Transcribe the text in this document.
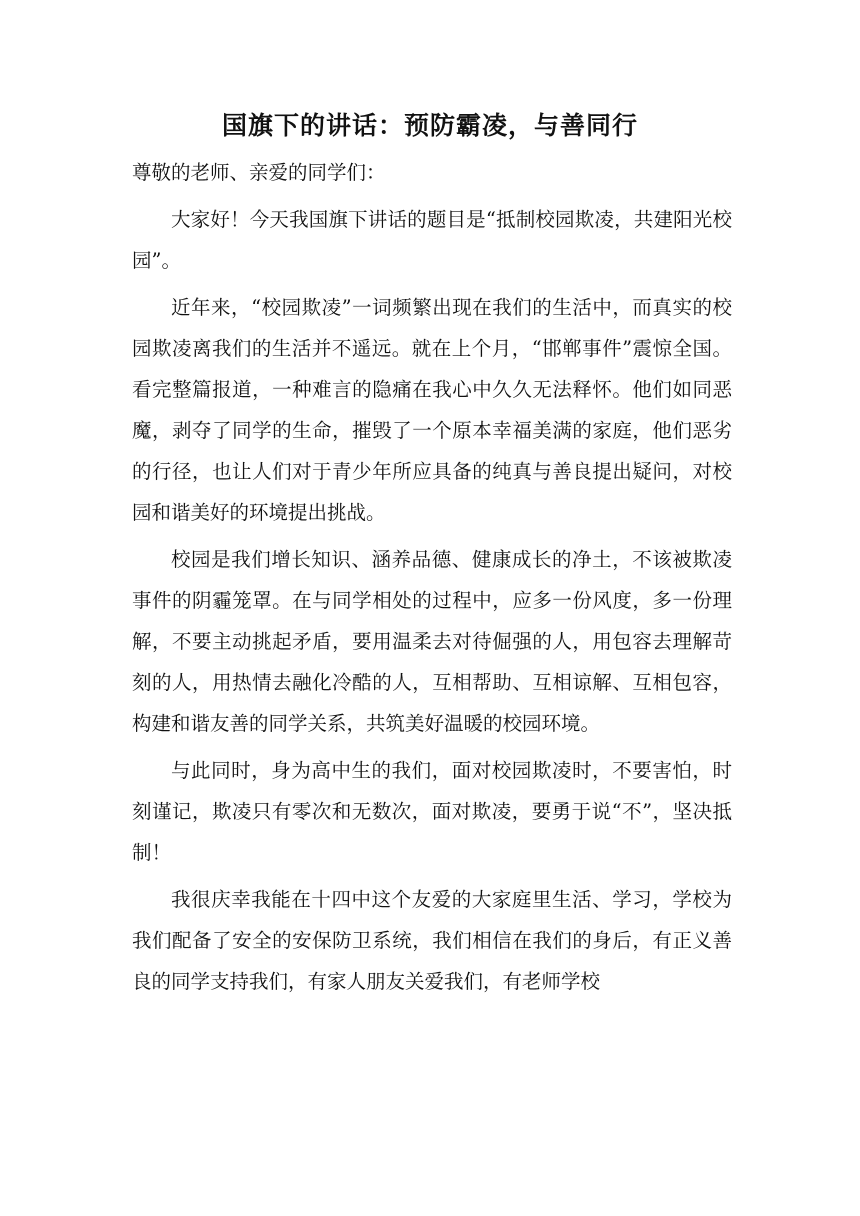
国旗下的讲话：预防霸凌，与善同行

尊敬的老师、亲爱的同学们：

大家好！今天我国旗下讲话的题目是“抵制校园欺凌，共建阳光校园”。

近年来，“校园欺凌”一词频繁出现在我们的生活中，而真实的校园欺凌离我们的生活并不遥远。就在上个月，“邯郸事件”震惊全国。看完整篇报道，一种难言的隐痛在我心中久久无法释怀。他们如同恶魔，剥夺了同学的生命，摧毁了一个原本幸福美满的家庭，他们恶劣的行径，也让人们对于青少年所应具备的纯真与善良提出疑问，对校园和谐美好的环境提出挑战。

校园是我们增长知识、涵养品德、健康成长的净土，不该被欺凌事件的阴霾笼罩。在与同学相处的过程中，应多一份风度，多一份理解，不要主动挑起矛盾，要用温柔去对待倔强的人，用包容去理解苛刻的人，用热情去融化冷酷的人，互相帮助、互相谅解、互相包容，构建和谐友善的同学关系，共筑美好温暖的校园环境。

与此同时，身为高中生的我们，面对校园欺凌时，不要害怕，时刻谨记，欺凌只有零次和无数次，面对欺凌，要勇于说“不”，坚决抵制！

我很庆幸我能在十四中这个友爱的大家庭里生活、学习，学校为我们配备了安全的安保防卫系统，我们相信在我们的身后，有正义善良的同学支持我们，有家人朋友关爱我们，有老师学校
